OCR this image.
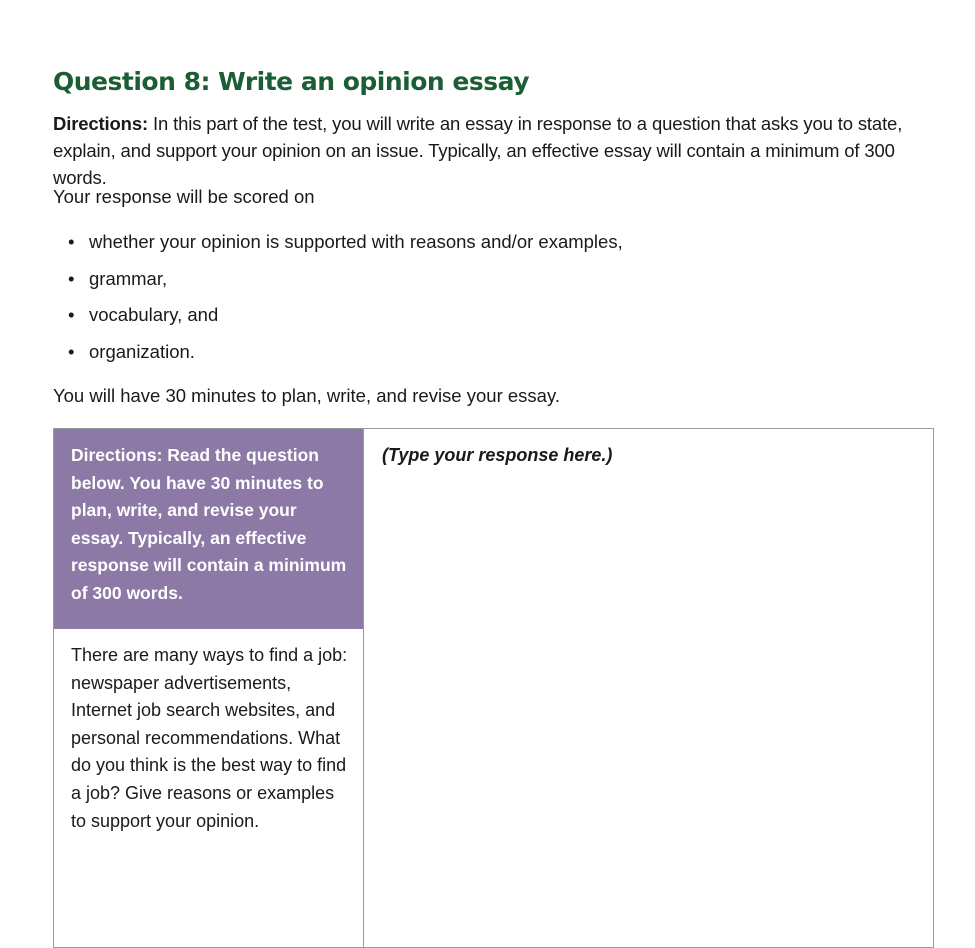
Question 8: Write an opinion essay

Directions: In this part of the test, you will write an essay in response to a question that asks you to state, explain, and support your opinion on an issue. Typically, an effective essay will contain a minimum of 300 words.

Your response will be scored on

• whether your opinion is supported with reasons and/or examples,
• grammar,
• vocabulary, and
• organization.

You will have 30 minutes to plan, write, and revise your essay.

Directions: Read the question below. You have 30 minutes to plan, write, and revise your essay. Typically, an effective response will contain a minimum of 300 words.
There are many ways to find a job: newspaper advertisements, Internet job search websites, and personal recommendations. What do you think is the best way to find a job? Give reasons or examples to support your opinion.
(Type your response here.)
